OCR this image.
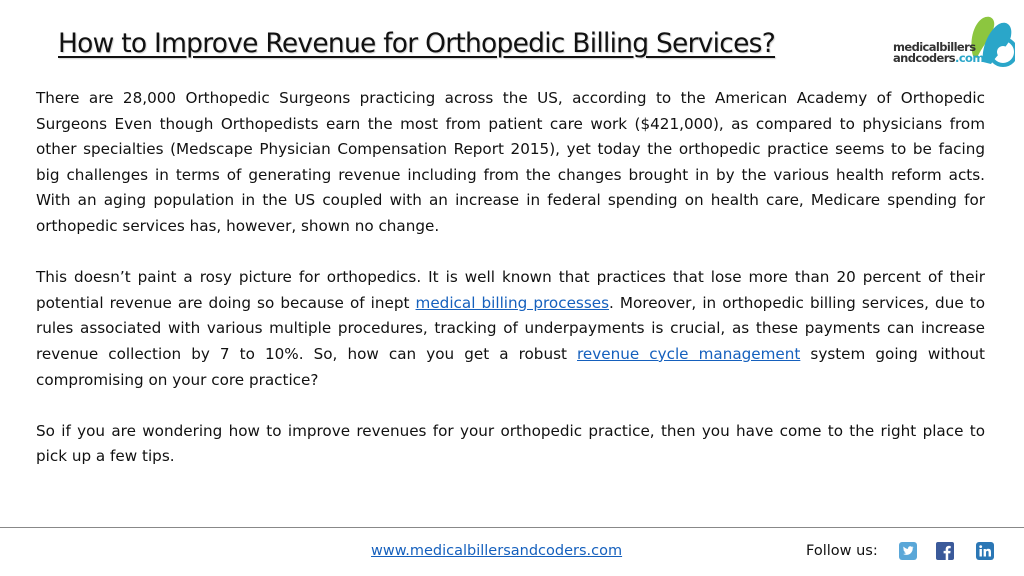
How to Improve Revenue for Orthopedic Billing Services?	medicalbillers
andcoders.com

There are 28,000 Orthopedic Surgeons practicing across the US, according to the American Academy of Orthopedic Surgeons Even though Orthopedists earn the most from patient care work ($421,000), as compared to physicians from other specialties (Medscape Physician Compensation Report 2015), yet today the orthopedic practice seems to be facing big challenges in terms of generating revenue including from the changes brought in by the various health reform acts. With an aging population in the US coupled with an increase in federal spending on health care, Medicare spending for orthopedic services has, however, shown no change.

This doesn’t paint a rosy picture for orthopedics. It is well known that practices that lose more than 20 percent of their potential revenue are doing so because of inept medical billing processes. Moreover, in orthopedic billing services, due to rules associated with various multiple procedures, tracking of underpayments is crucial, as these payments can increase revenue collection by 7 to 10%. So, how can you get a robust revenue cycle management system going without compromising on your core practice?

So if you are wondering how to improve revenues for your orthopedic practice, then you have come to the right place to pick up a few tips.

www.medicalbillersandcoders.com	Follow us:
